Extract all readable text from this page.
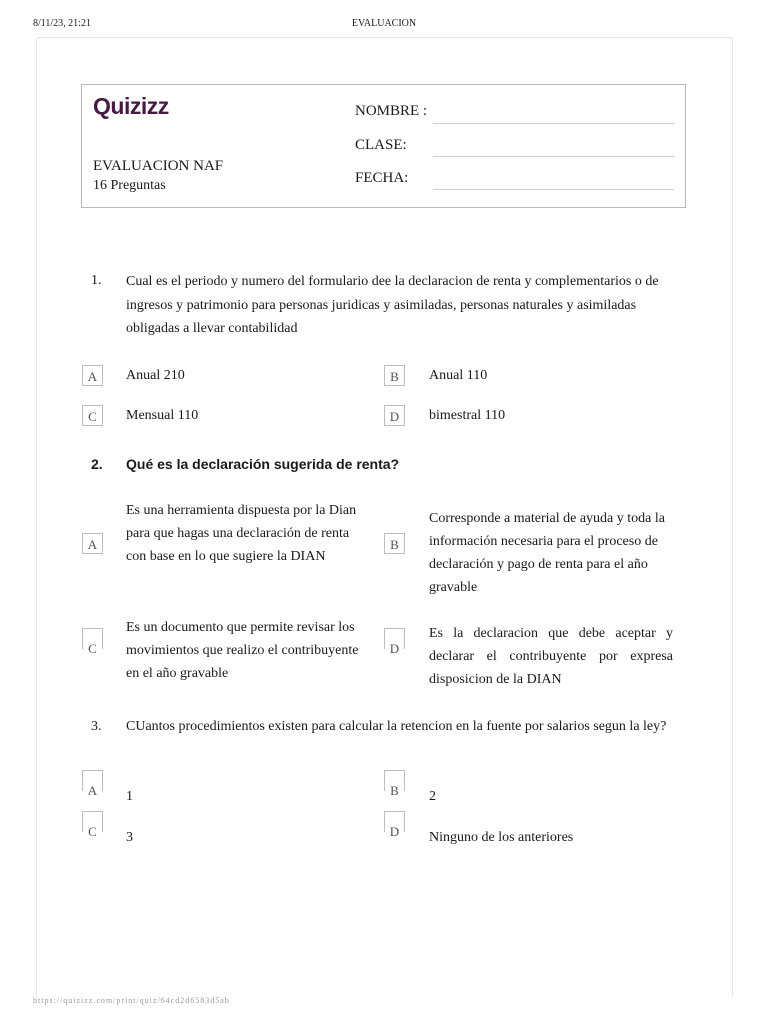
8/11/23, 21:21	EVALUACION
Quizizz
EVALUACION NAF
16 Preguntas
NOMBRE :
CLASE:
FECHA:
1. Cual es el periodo y numero del formulario dee la declaracion de renta y complementarios o de ingresos y patrimonio para personas juridicas y asimiladas, personas naturales y asimiladas obligadas a llevar contabilidad
A	Anual 210	B	Anual 110
C	Mensual 110	D	bimestral 110
2. Qué es la declaración sugerida de renta?
A
Es una herramienta dispuesta por la Dian para que hagas una declaración de renta con base en lo que sugiere la DIAN
B
Corresponde a material de ayuda y toda la información necesaria para el proceso de declaración y pago de renta para el año gravable
C
Es un documento que permite revisar los movimientos que realizo el contribuyente en el año gravable
D
Es la declaracion que debe aceptar y declarar el contribuyente por expresa disposicion de la DIAN
3. CUantos procedimientos existen para calcular la retencion en la fuente por salarios segun la ley?
A	1	B	2
C	3	D	Ninguno de los anteriores
https://quizizz.com/print/quiz/64cd2d6583d5ab
